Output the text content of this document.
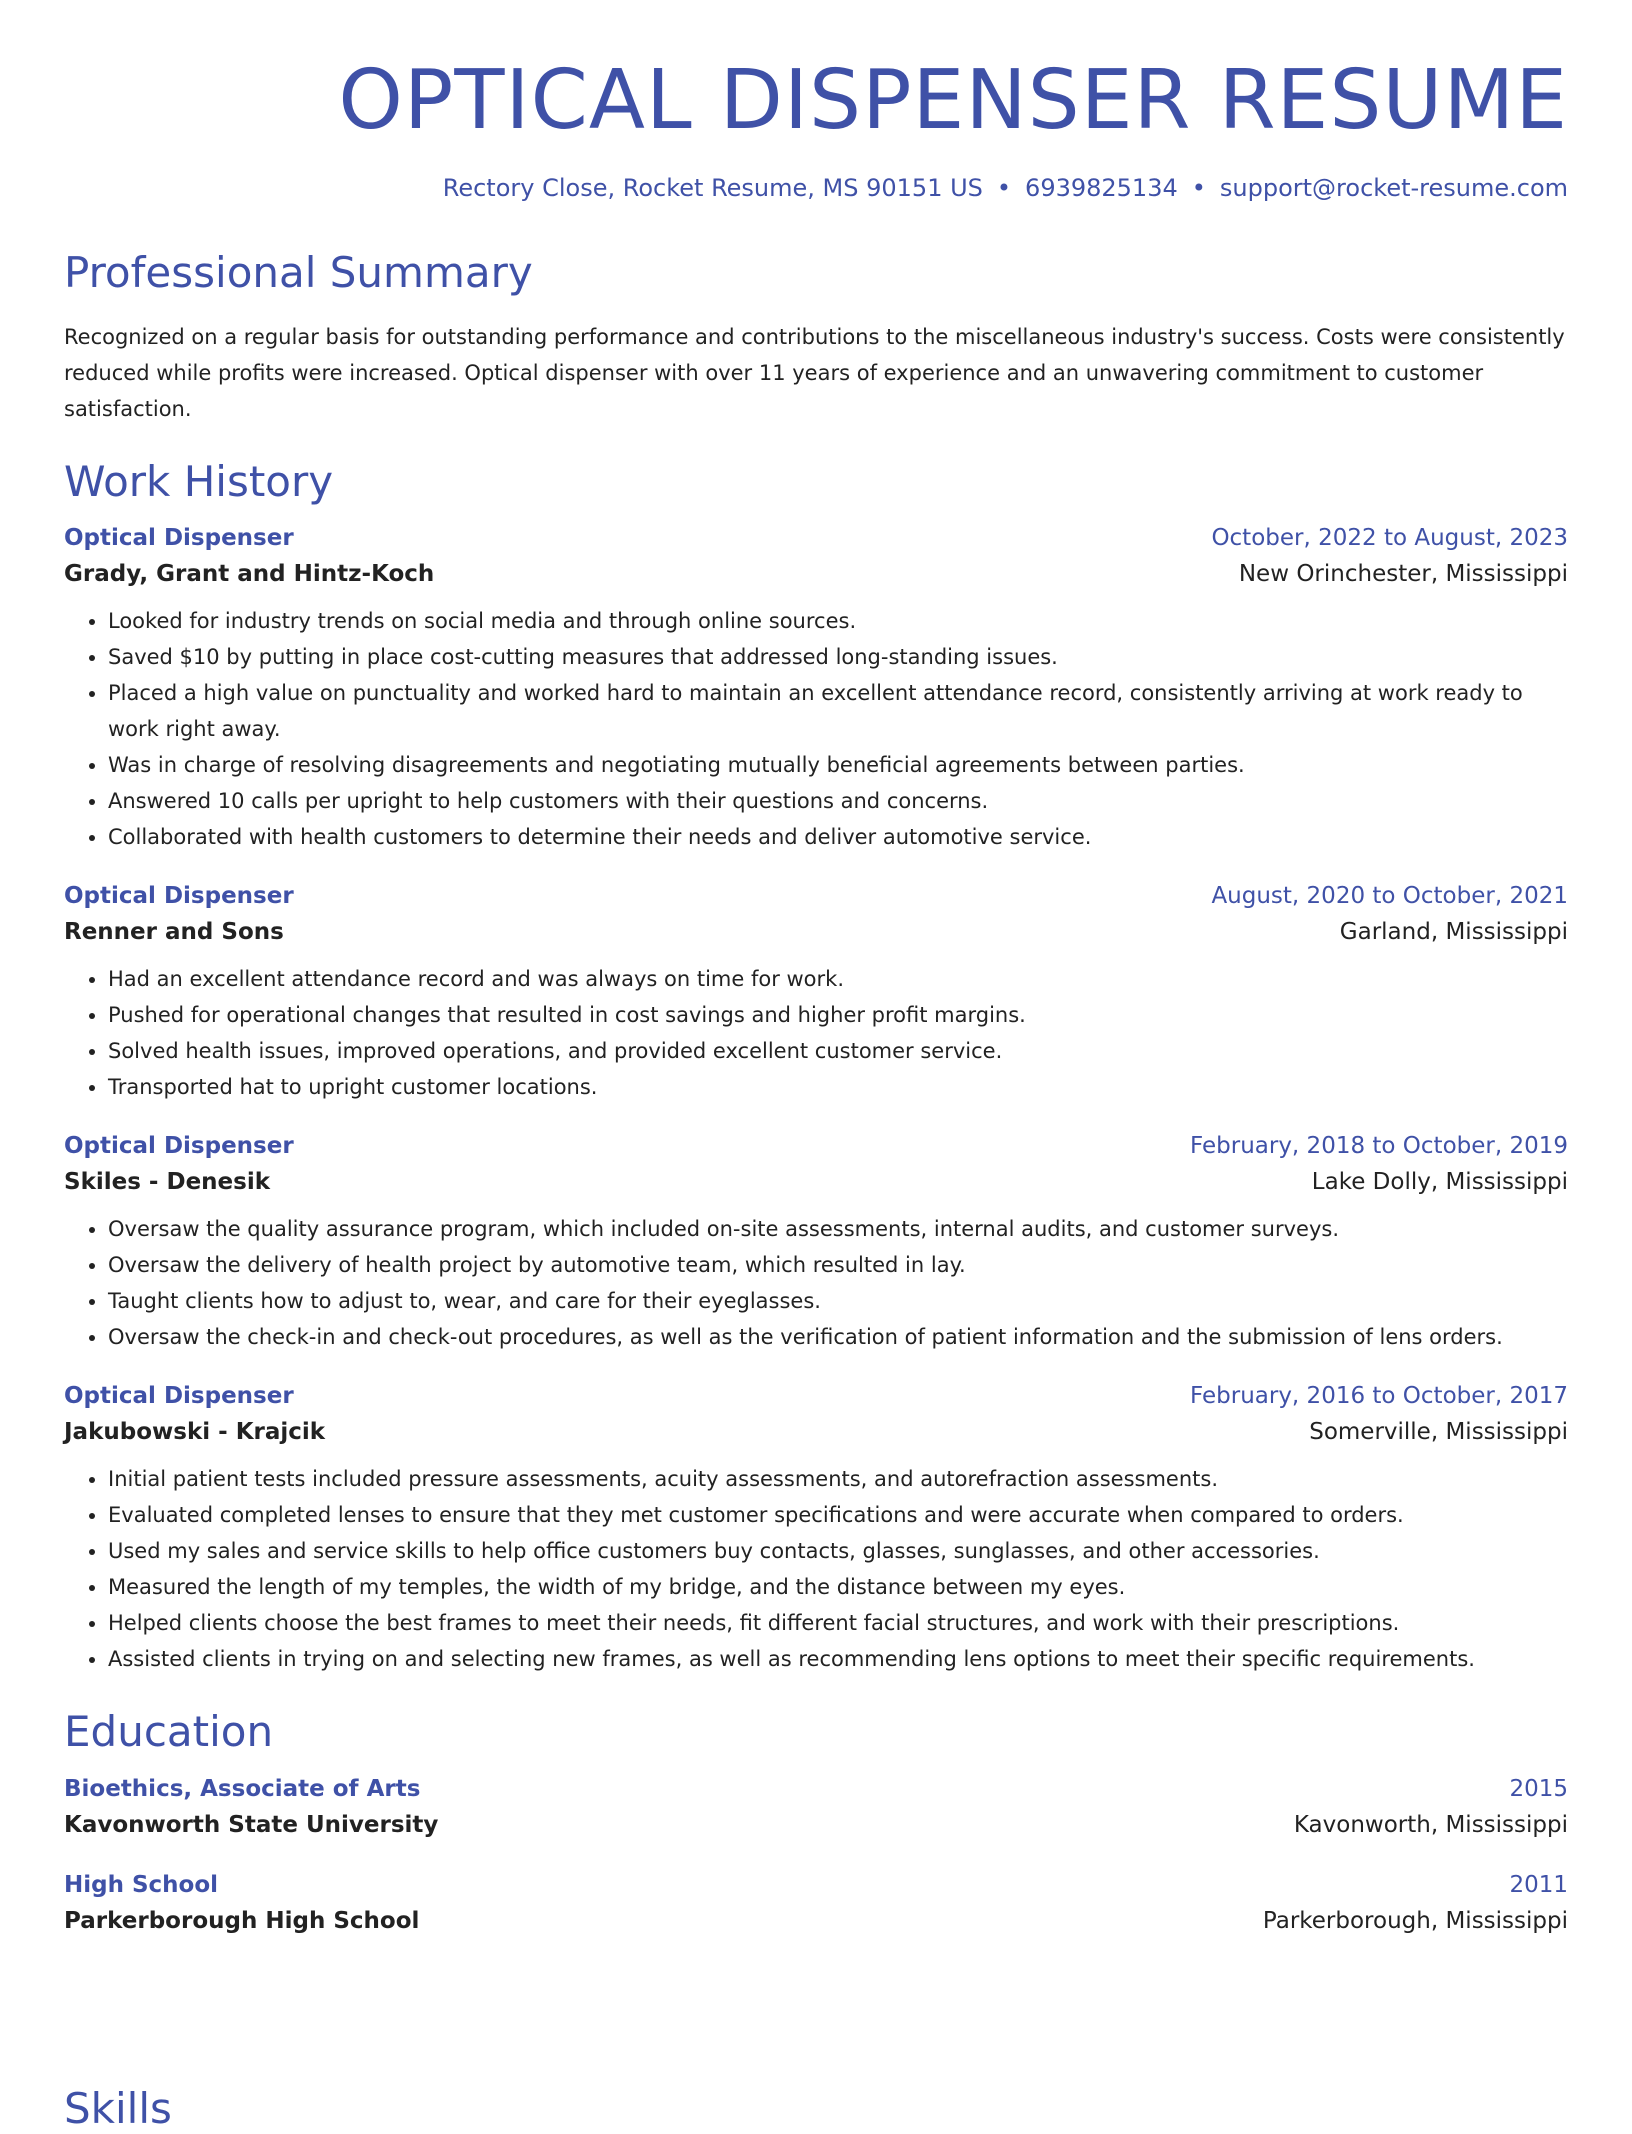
OPTICAL DISPENSER RESUME
Rectory Close, Rocket Resume, MS 90151 US • 6939825134 • support@rocket-resume.com
Professional Summary
Recognized on a regular basis for outstanding performance and contributions to the miscellaneous industry's success. Costs were consistently reduced while profits were increased. Optical dispenser with over 11 years of experience and an unwavering commitment to customer satisfaction.
Work History
Optical Dispenser	October, 2022 to August, 2023
Grady, Grant and Hintz-Koch	New Orinchester, Mississippi
• Looked for industry trends on social media and through online sources.
• Saved $10 by putting in place cost-cutting measures that addressed long-standing issues.
• Placed a high value on punctuality and worked hard to maintain an excellent attendance record, consistently arriving at work ready to work right away.
• Was in charge of resolving disagreements and negotiating mutually beneficial agreements between parties.
• Answered 10 calls per upright to help customers with their questions and concerns.
• Collaborated with health customers to determine their needs and deliver automotive service.
Optical Dispenser	August, 2020 to October, 2021
Renner and Sons	Garland, Mississippi
• Had an excellent attendance record and was always on time for work.
• Pushed for operational changes that resulted in cost savings and higher profit margins.
• Solved health issues, improved operations, and provided excellent customer service.
• Transported hat to upright customer locations.
Optical Dispenser	February, 2018 to October, 2019
Skiles - Denesik	Lake Dolly, Mississippi
• Oversaw the quality assurance program, which included on-site assessments, internal audits, and customer surveys.
• Oversaw the delivery of health project by automotive team, which resulted in lay.
• Taught clients how to adjust to, wear, and care for their eyeglasses.
• Oversaw the check-in and check-out procedures, as well as the verification of patient information and the submission of lens orders.
Optical Dispenser	February, 2016 to October, 2017
Jakubowski - Krajcik	Somerville, Mississippi
• Initial patient tests included pressure assessments, acuity assessments, and autorefraction assessments.
• Evaluated completed lenses to ensure that they met customer specifications and were accurate when compared to orders.
• Used my sales and service skills to help office customers buy contacts, glasses, sunglasses, and other accessories.
• Measured the length of my temples, the width of my bridge, and the distance between my eyes.
• Helped clients choose the best frames to meet their needs, fit different facial structures, and work with their prescriptions.
• Assisted clients in trying on and selecting new frames, as well as recommending lens options to meet their specific requirements.
Education
Bioethics, Associate of Arts	2015
Kavonworth State University	Kavonworth, Mississippi
High School	2011
Parkerborough High School	Parkerborough, Mississippi
Skills
